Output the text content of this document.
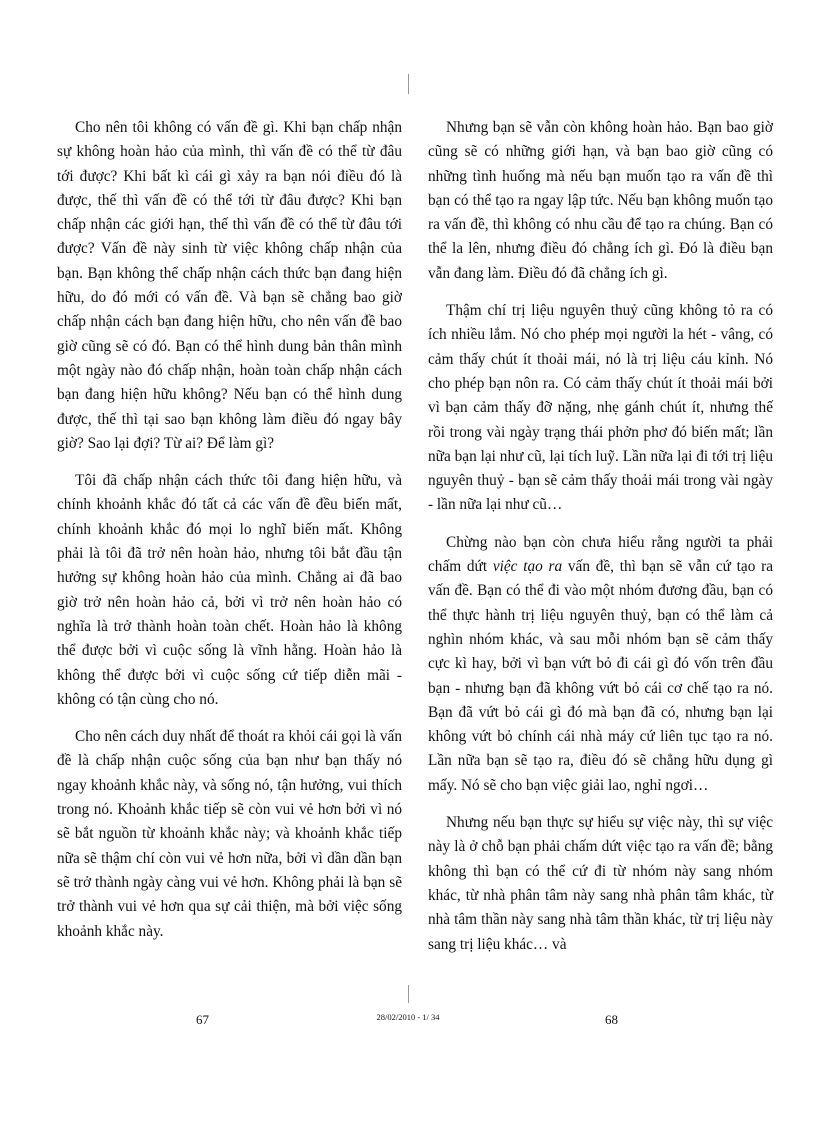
Cho nên tôi không có vấn đề gì. Khi bạn chấp nhận sự không hoàn hảo của mình, thì vấn đề có thể từ đâu tới được? Khi bất kì cái gì xảy ra bạn nói điều đó là được, thế thì vấn đề có thể tới từ đâu được? Khi bạn chấp nhận các giới hạn, thế thì vấn đề có thể từ đâu tới được? Vấn đề này sinh từ việc không chấp nhận của bạn. Bạn không thể chấp nhận cách thức bạn đang hiện hữu, do đó mới có vấn đề. Và bạn sẽ chẳng bao giờ chấp nhận cách bạn đang hiện hữu, cho nên vấn đề bao giờ cũng sẽ có đó. Bạn có thể hình dung bản thân mình một ngày nào đó chấp nhận, hoàn toàn chấp nhận cách bạn đang hiện hữu không? Nếu bạn có thể hình dung được, thế thì tại sao bạn không làm điều đó ngay bây giờ? Sao lại đợi? Từ ai? Để làm gì?

Tôi đã chấp nhận cách thức tôi đang hiện hữu, và chính khoảnh khắc đó tất cả các vấn đề đều biến mất, chính khoảnh khắc đó mọi lo nghĩ biến mất. Không phải là tôi đã trở nên hoàn hảo, nhưng tôi bắt đầu tận hưởng sự không hoàn hảo của mình. Chẳng ai đã bao giờ trở nên hoàn hảo cả, bởi vì trở nên hoàn hảo có nghĩa là trở thành hoàn toàn chết. Hoàn hảo là không thể được bởi vì cuộc sống là vĩnh hằng. Hoàn hảo là không thể được bởi vì cuộc sống cứ tiếp diễn mãi - không có tận cùng cho nó.

Cho nên cách duy nhất để thoát ra khỏi cái gọi là vấn đề là chấp nhận cuộc sống của bạn như bạn thấy nó ngay khoảnh khắc này, và sống nó, tận hưởng, vui thích trong nó. Khoảnh khắc tiếp sẽ còn vui vẻ hơn bởi vì nó sẽ bắt nguồn từ khoảnh khắc này; và khoảnh khắc tiếp nữa sẽ thậm chí còn vui vẻ hơn nữa, bởi vì dần dần bạn sẽ trở thành ngày càng vui vẻ hơn. Không phải là bạn sẽ trở thành vui vẻ hơn qua sự cải thiện, mà bởi việc sống khoảnh khắc này.

Nhưng bạn sẽ vẫn còn không hoàn hảo. Bạn bao giờ cũng sẽ có những giới hạn, và bạn bao giờ cũng có những tình huống mà nếu bạn muốn tạo ra vấn đề thì bạn có thể tạo ra ngay lập tức. Nếu bạn không muốn tạo ra vấn đề, thì không có nhu cầu để tạo ra chúng. Bạn có thể la lên, nhưng điều đó chẳng ích gì. Đó là điều bạn vẫn đang làm. Điều đó đã chẳng ích gì.

Thậm chí trị liệu nguyên thuỷ cũng không tỏ ra có ích nhiều lắm. Nó cho phép mọi người la hét - vâng, có cảm thấy chút ít thoải mái, nó là trị liệu cáu kỉnh. Nó cho phép bạn nôn ra. Có cảm thấy chút ít thoải mái bởi vì bạn cảm thấy đỡ nặng, nhẹ gánh chút ít, nhưng thế rồi trong vài ngày trạng thái phởn phơ đó biến mất; lần nữa bạn lại như cũ, lại tích luỹ. Lần nữa lại đi tới trị liệu nguyên thuỷ - bạn sẽ cảm thấy thoải mái trong vài ngày - lần nữa lại như cũ…

Chừng nào bạn còn chưa hiểu rằng người ta phải chấm dứt việc tạo ra vấn đề, thì bạn sẽ vẫn cứ tạo ra vấn đề. Bạn có thể đi vào một nhóm đương đầu, bạn có thể thực hành trị liệu nguyên thuỷ, bạn có thể làm cả nghìn nhóm khác, và sau mỗi nhóm bạn sẽ cảm thấy cực kì hay, bởi vì bạn vứt bỏ đi cái gì đó vốn trên đầu bạn - nhưng bạn đã không vứt bỏ cái cơ chế tạo ra nó. Bạn đã vứt bỏ cái gì đó mà bạn đã có, nhưng bạn lại không vứt bỏ chính cái nhà máy cứ liên tục tạo ra nó. Lần nữa bạn sẽ tạo ra, điều đó sẽ chẳng hữu dụng gì mấy. Nó sẽ cho bạn việc giải lao, nghỉ ngơi…

Nhưng nếu bạn thực sự hiểu sự việc này, thì sự việc này là ở chỗ bạn phải chấm dứt việc tạo ra vấn đề; bằng không thì bạn có thể cứ đi từ nhóm này sang nhóm khác, từ nhà phân tâm này sang nhà phân tâm khác, từ nhà tâm thần này sang nhà tâm thần khác, từ trị liệu này sang trị liệu khác… và

67	28/02/2010 - 1/ 34	68
